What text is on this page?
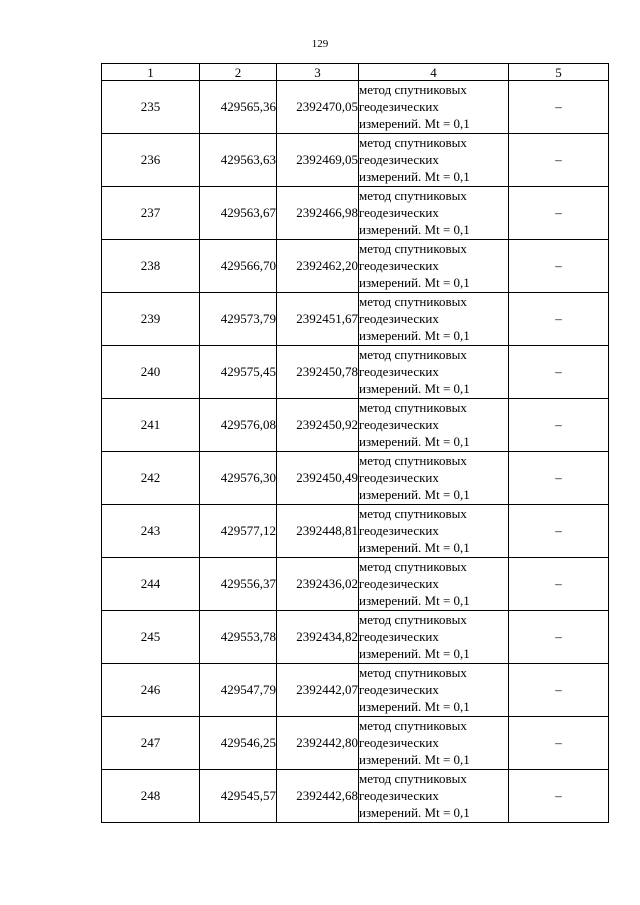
129
1	2	3	4	5
235	429565,36	2392470,05	метод спутниковых
геодезических
измерений. Mt = 0,1	–
236	429563,63	2392469,05	метод спутниковых
геодезических
измерений. Mt = 0,1	–
237	429563,67	2392466,98	метод спутниковых
геодезических
измерений. Mt = 0,1	–
238	429566,70	2392462,20	метод спутниковых
геодезических
измерений. Mt = 0,1	–
239	429573,79	2392451,67	метод спутниковых
геодезических
измерений. Mt = 0,1	–
240	429575,45	2392450,78	метод спутниковых
геодезических
измерений. Mt = 0,1	–
241	429576,08	2392450,92	метод спутниковых
геодезических
измерений. Mt = 0,1	–
242	429576,30	2392450,49	метод спутниковых
геодезических
измерений. Mt = 0,1	–
243	429577,12	2392448,81	метод спутниковых
геодезических
измерений. Mt = 0,1	–
244	429556,37	2392436,02	метод спутниковых
геодезических
измерений. Mt = 0,1	–
245	429553,78	2392434,82	метод спутниковых
геодезических
измерений. Mt = 0,1	–
246	429547,79	2392442,07	метод спутниковых
геодезических
измерений. Mt = 0,1	–
247	429546,25	2392442,80	метод спутниковых
геодезических
измерений. Mt = 0,1	–
248	429545,57	2392442,68	метод спутниковых
геодезических
измерений. Mt = 0,1	–
